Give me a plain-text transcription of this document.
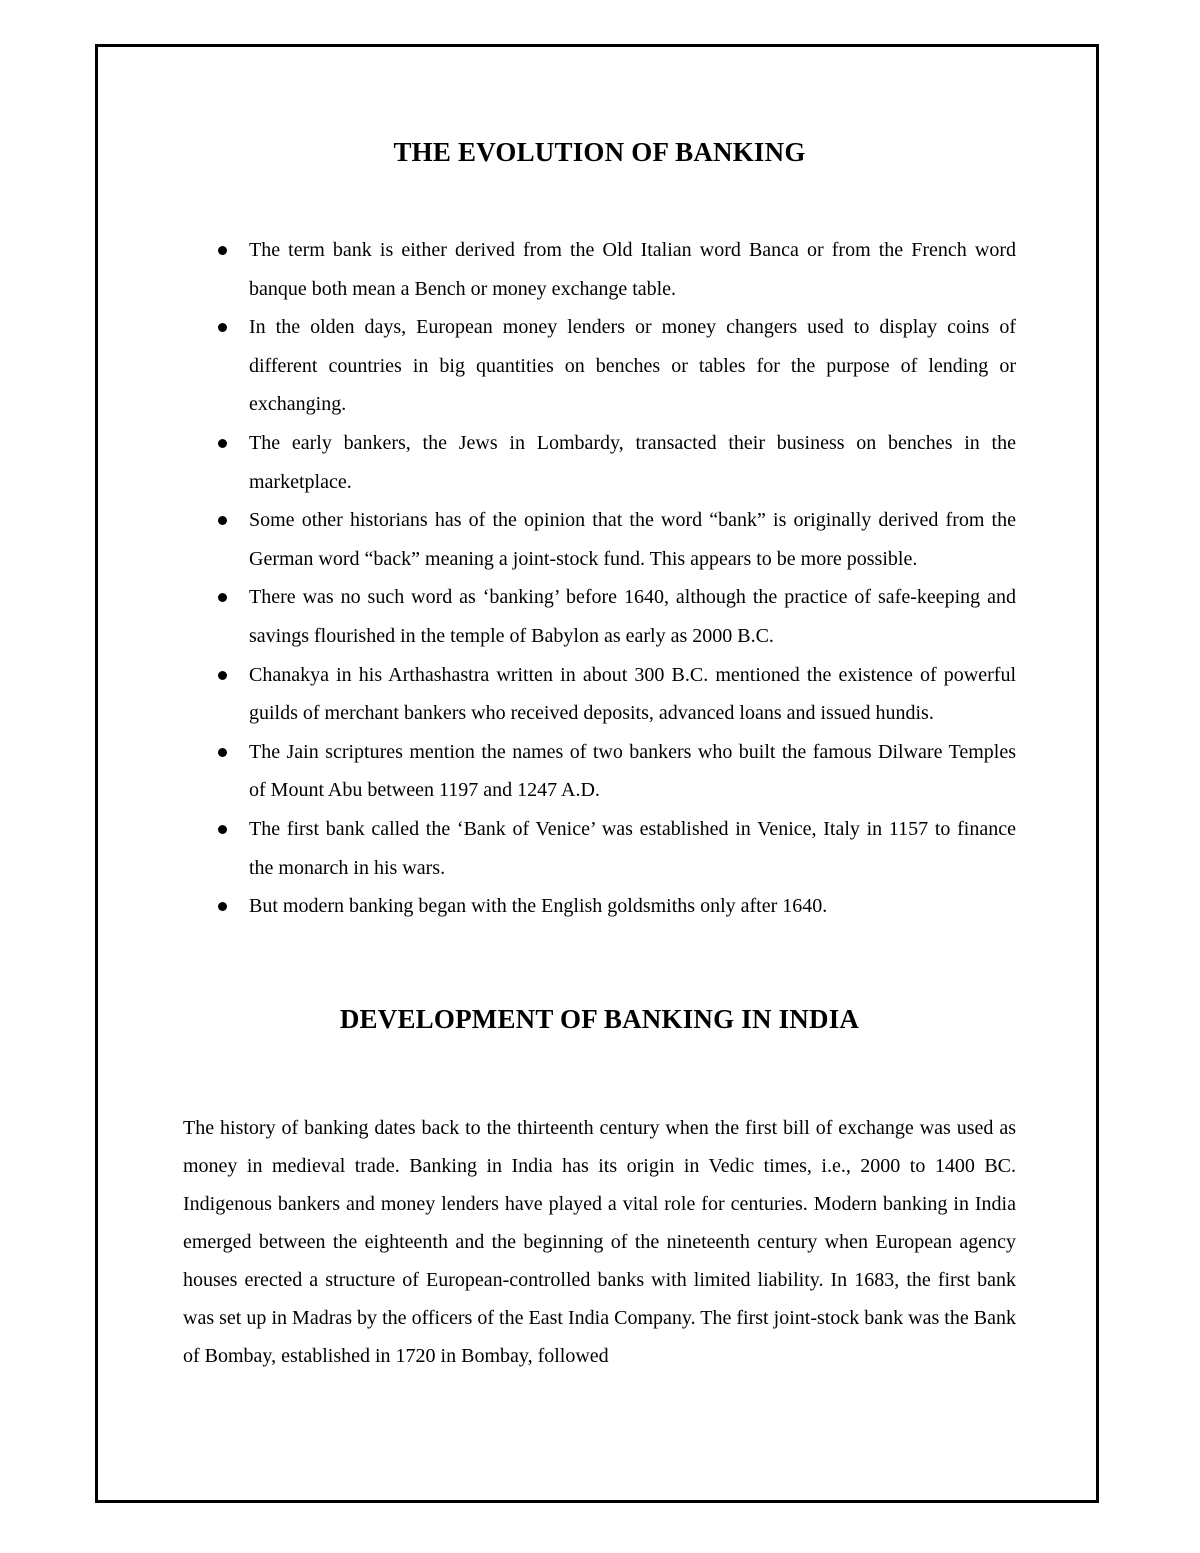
THE EVOLUTION OF BANKING
The term bank is either derived from the Old Italian word Banca or from the French word banque both mean a Bench or money exchange table.
In the olden days, European money lenders or money changers used to display coins of different countries in big quantities on benches or tables for the purpose of lending or exchanging.
The early bankers, the Jews in Lombardy, transacted their business on benches in the marketplace.
Some other historians has of the opinion that the word “bank” is originally derived from the German word “back” meaning a joint-stock fund. This appears to be more possible.
There was no such word as ‘banking’ before 1640, although the practice of safe-keeping and savings flourished in the temple of Babylon as early as 2000 B.C.
Chanakya in his Arthashastra written in about 300 B.C. mentioned the existence of powerful guilds of merchant bankers who received deposits, advanced loans and issued hundis.
The Jain scriptures mention the names of two bankers who built the famous Dilware Temples of Mount Abu between 1197 and 1247 A.D.
The first bank called the ‘Bank of Venice’ was established in Venice, Italy in 1157 to finance the monarch in his wars.
But modern banking began with the English goldsmiths only after 1640.
DEVELOPMENT OF BANKING IN INDIA

The history of banking dates back to the thirteenth century when the first bill of exchange was used as money in medieval trade. Banking in India has its origin in Vedic times, i.e., 2000 to 1400 BC. Indigenous bankers and money lenders have played a vital role for centuries. Modern banking in India emerged between the eighteenth and the beginning of the nineteenth century when European agency houses erected a structure of European-controlled banks with limited liability. In 1683, the first bank was set up in Madras by the officers of the East India Company. The first joint-stock bank was the Bank of Bombay, established in 1720 in Bombay, followed
